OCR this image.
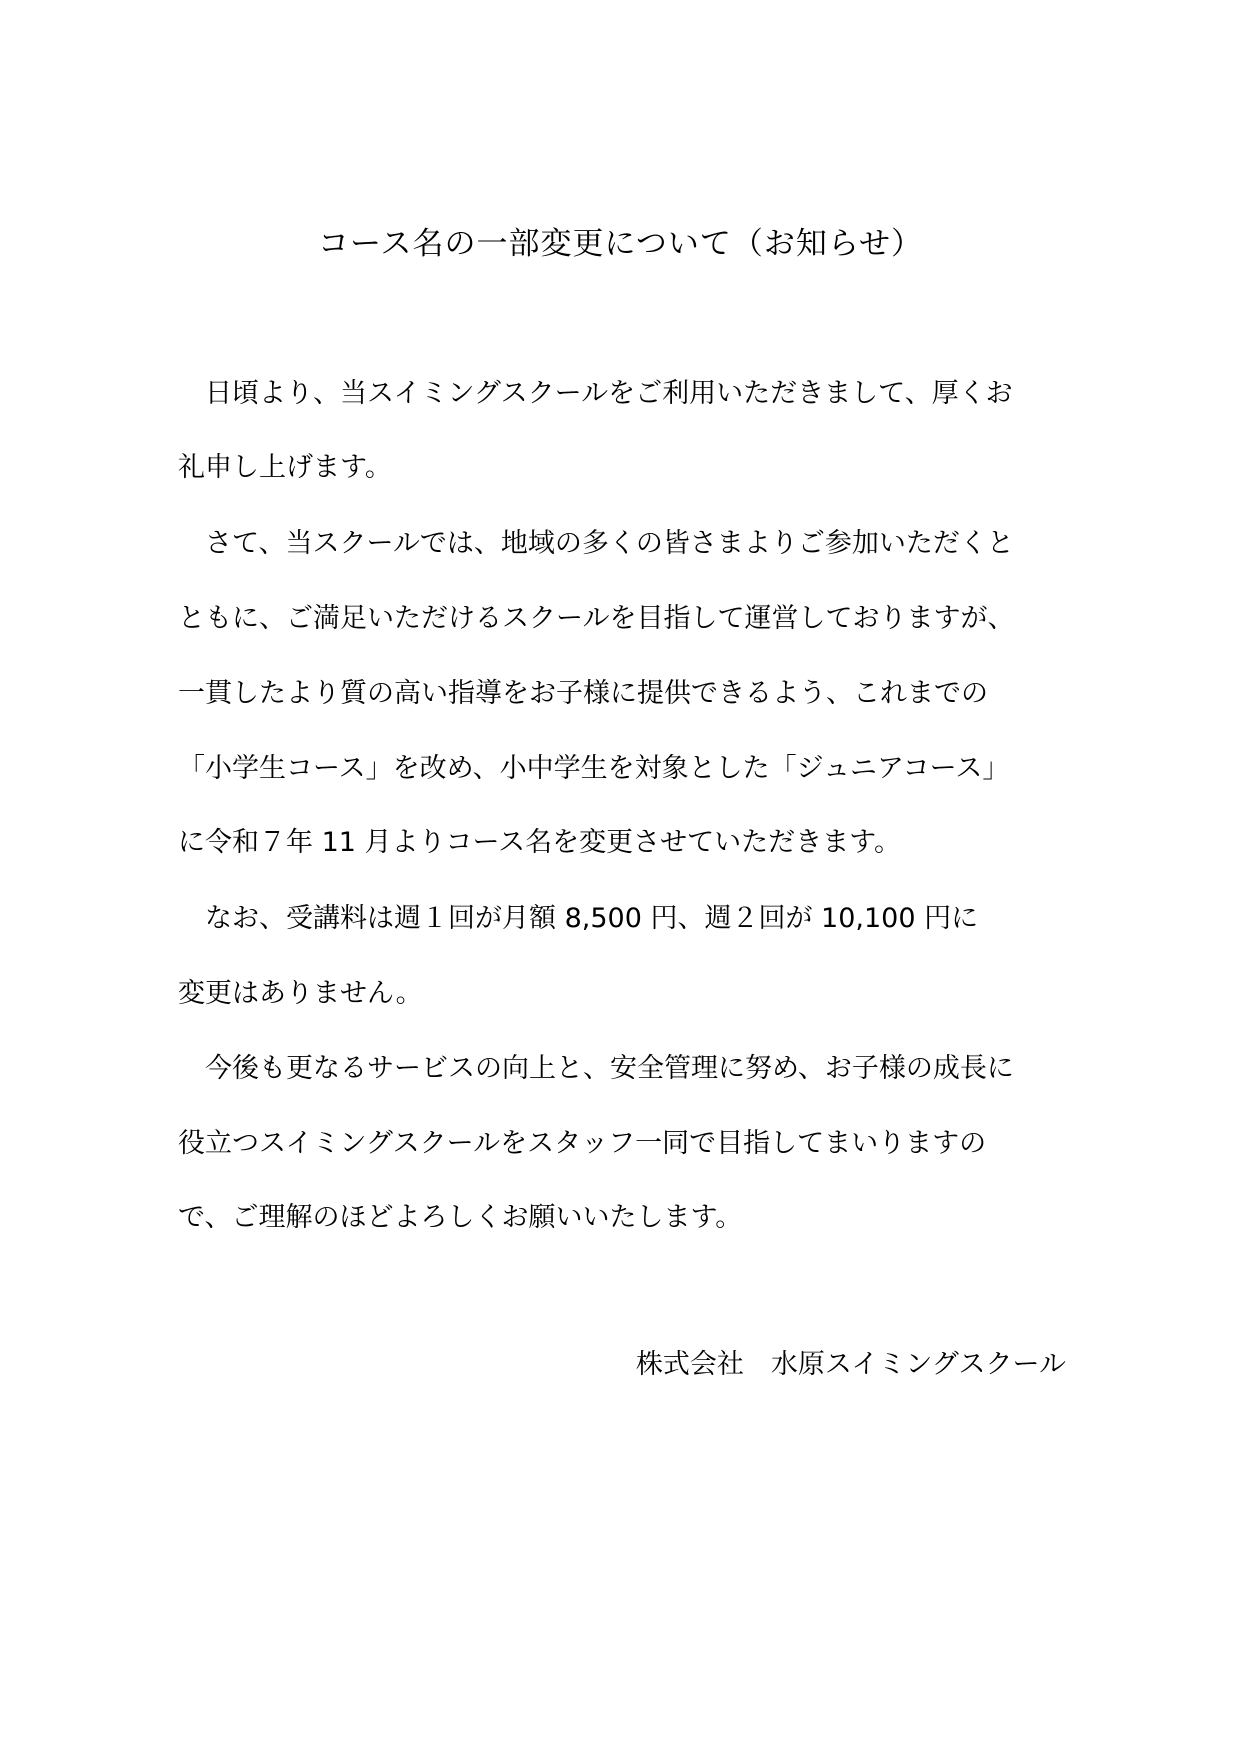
コース名の一部変更について（お知らせ）
　日頃より、当スイミングスクールをご利用いただきまして、厚くお
礼申し上げます。
　さて、当スクールでは、地域の多くの皆さまよりご参加いただくと
ともに、ご満足いただけるスクールを目指して運営しておりますが、
一貫したより質の高い指導をお子様に提供できるよう、これまでの
「小学生コース」を改め、小中学生を対象とした「ジュニアコース」
に令和７年 11 月よりコース名を変更させていただきます。
　なお、受講料は週１回が月額 8,500 円、週２回が 10,100 円に
変更はありません。
　今後も更なるサービスの向上と、安全管理に努め、お子様の成長に
役立つスイミングスクールをスタッフ一同で目指してまいりますの
で、ご理解のほどよろしくお願いいたします。
株式会社　水原スイミングスクール
